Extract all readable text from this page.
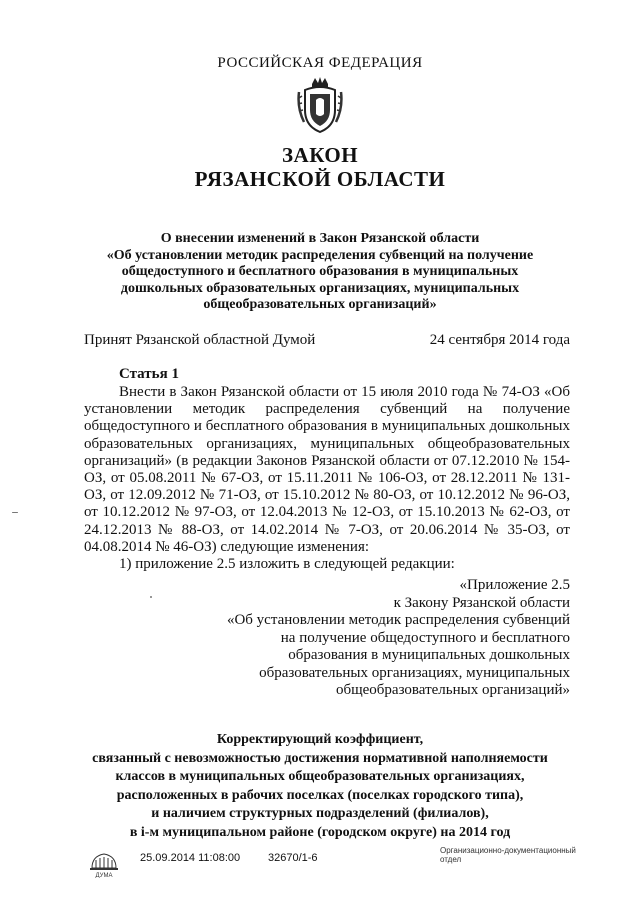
РОССИЙСКАЯ ФЕДЕРАЦИЯ
ЗАКОН
РЯЗАНСКОЙ ОБЛАСТИ
О внесении изменений в Закон Рязанской области
«Об установлении методик распределения субвенций на получение
общедоступного и бесплатного образования в муниципальных
дошкольных образовательных организациях, муниципальных
общеобразовательных организаций»
Принят Рязанской областной Думой	24 сентября 2014 года
Статья 1

Внести в Закон Рязанской области от 15 июля 2010 года № 74-ОЗ «Об установлении методик распределения субвенций на получение общедоступного и бесплатного образования в муниципальных дошкольных образовательных организациях, муниципальных общеобразовательных организаций» (в редакции Законов Рязанской области от 07.12.2010 № 154-ОЗ, от 05.08.2011 № 67-ОЗ, от 15.11.2011 № 106-ОЗ, от 28.12.2011 № 131-ОЗ, от 12.09.2012 № 71-ОЗ, от 15.10.2012 № 80-ОЗ, от 10.12.2012 № 96-ОЗ, от 10.12.2012 № 97-ОЗ, от 12.04.2013 № 12-ОЗ, от 15.10.2013 № 62-ОЗ, от 24.12.2013 № 88-ОЗ, от 14.02.2014 № 7-ОЗ, от 20.06.2014 № 35-ОЗ, от 04.08.2014 № 46-ОЗ) следующие изменения:

1) приложение 2.5 изложить в следующей редакции:

«Приложение 2.5
к Закону Рязанской области
«Об установлении методик распределения субвенций
на получение общедоступного и бесплатного
образования в муниципальных дошкольных
образовательных организациях, муниципальных
общеобразовательных организаций»
Корректирующий коэффициент,
связанный с невозможностью достижения нормативной наполняемости
классов в муниципальных общеобразовательных организациях,
расположенных в рабочих поселках (поселках городского типа),
и наличием структурных подразделений (филиалов),
в i-м муниципальном районе (городском округе) на 2014 год
ДУМА
25.09.2014 11:08:00	32670/1-6
Организационно-документационный
отдел
